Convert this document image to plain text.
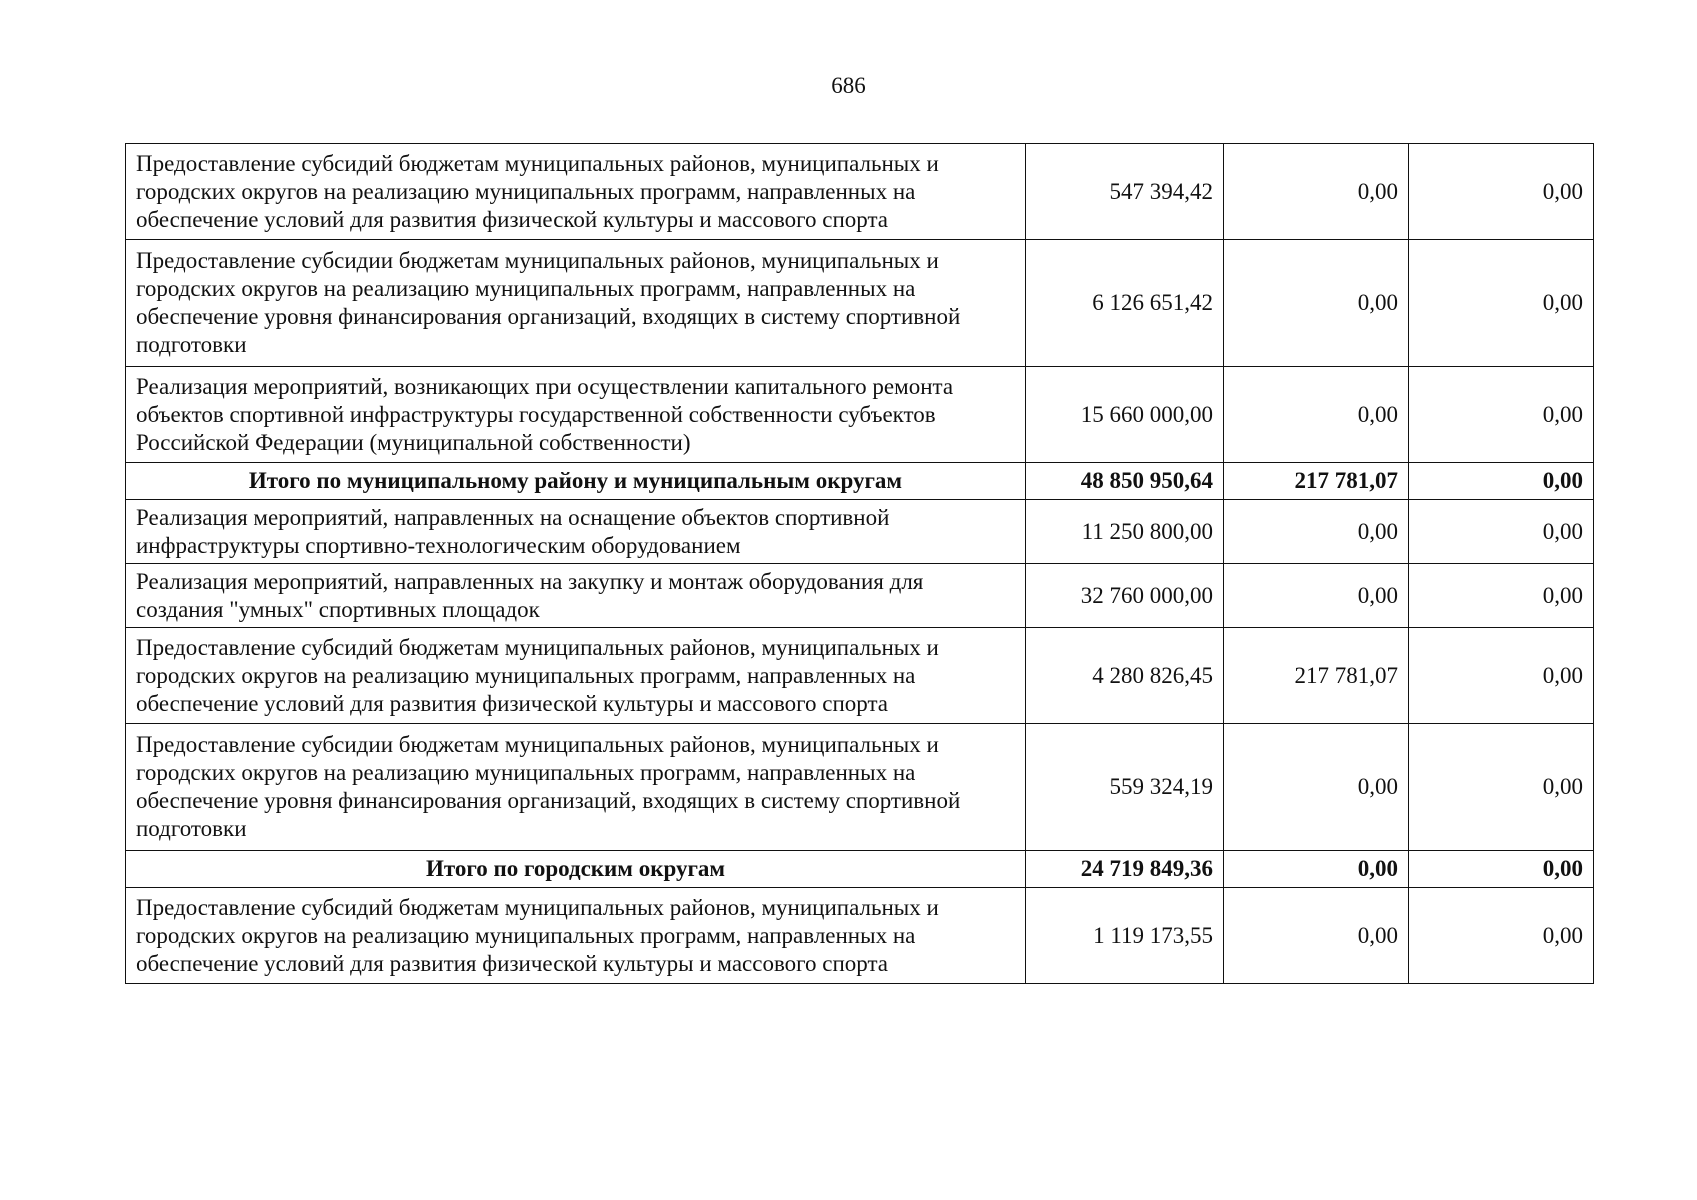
686
Предоставление субсидий бюджетам муниципальных районов, муниципальных и городских округов на реализацию муниципальных программ, направленных на обеспечение условий для развития физической культуры и массового спорта	547 394,42	0,00	0,00
Предоставление субсидии бюджетам муниципальных районов, муниципальных и городских округов на реализацию муниципальных программ, направленных на обеспечение уровня финансирования организаций, входящих в систему спортивной подготовки	6 126 651,42	0,00	0,00
Реализация мероприятий, возникающих при осуществлении капитального ремонта объектов спортивной инфраструктуры государственной собственности субъектов Российской Федерации (муниципальной собственности)	15 660 000,00	0,00	0,00
Итого по муниципальному району и муниципальным округам	48 850 950,64	217 781,07	0,00
Реализация мероприятий, направленных на оснащение объектов спортивной инфраструктуры спортивно-технологическим оборудованием	11 250 800,00	0,00	0,00
Реализация мероприятий, направленных на закупку и монтаж оборудования для создания "умных" спортивных площадок	32 760 000,00	0,00	0,00
Предоставление субсидий бюджетам муниципальных районов, муниципальных и городских округов на реализацию муниципальных программ, направленных на обеспечение условий для развития физической культуры и массового спорта	4 280 826,45	217 781,07	0,00
Предоставление субсидии бюджетам муниципальных районов, муниципальных и городских округов на реализацию муниципальных программ, направленных на обеспечение уровня финансирования организаций, входящих в систему спортивной подготовки	559 324,19	0,00	0,00
Итого по городским округам	24 719 849,36	0,00	0,00
Предоставление субсидий бюджетам муниципальных районов, муниципальных и городских округов на реализацию муниципальных программ, направленных на обеспечение условий для развития физической культуры и массового спорта	1 119 173,55	0,00	0,00
